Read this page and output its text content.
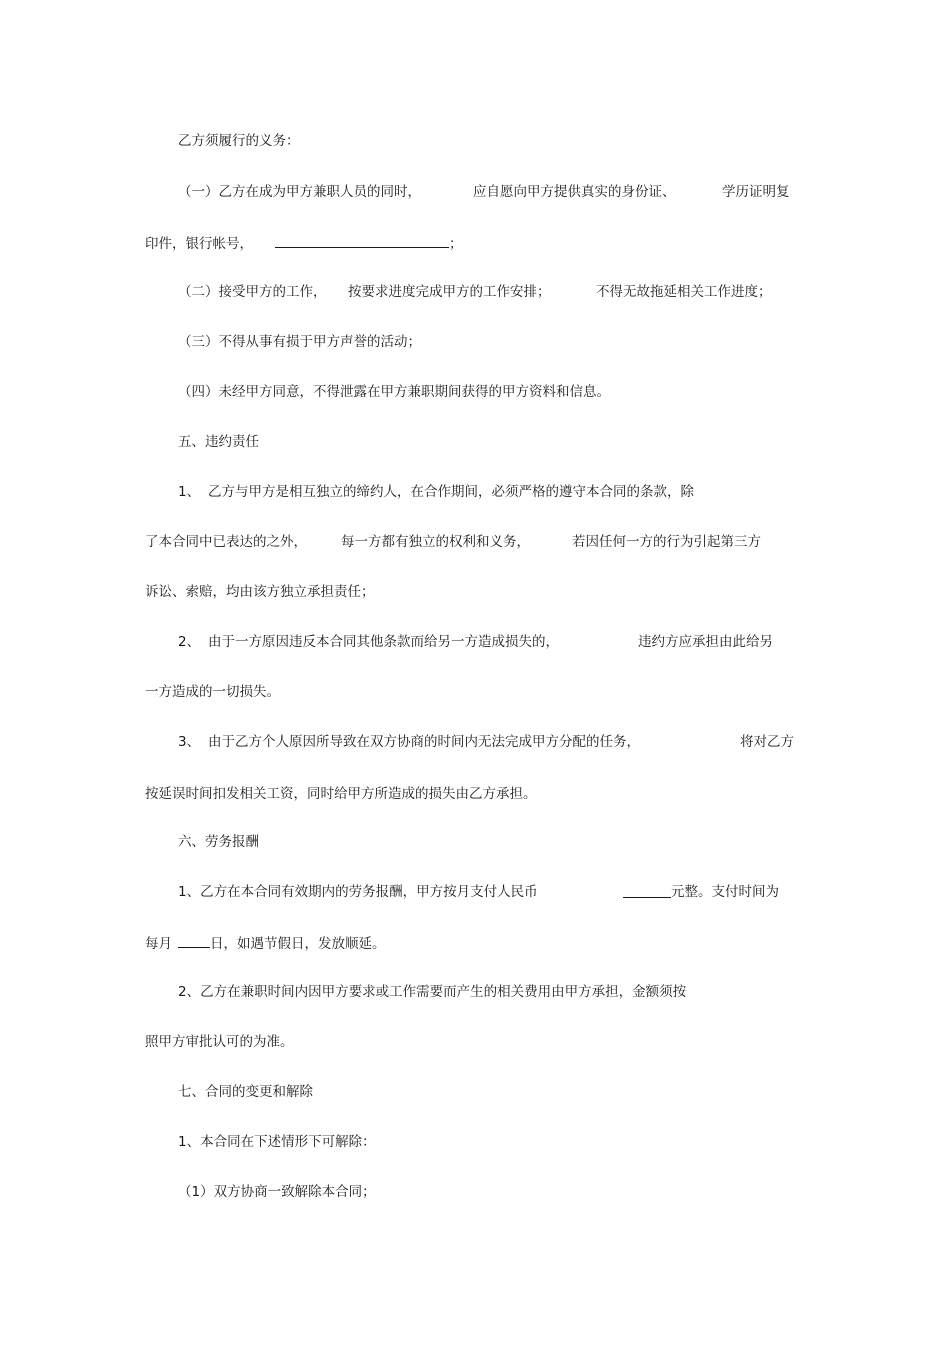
乙方须履行的义务：
（一）乙方在成为甲方兼职人员的同时，	应自愿向甲方提供真实的身份证、	学历证明复
印件，银行帐号，	；
（二）接受甲方的工作， 按要求进度完成甲方的工作安排；	不得无故拖延相关工作进度；
（三）不得从事有损于甲方声誉的活动；
（四）未经甲方同意，不得泄露在甲方兼职期间获得的甲方资料和信息。
五、违约责任
1、 乙方与甲方是相互独立的缔约人，在合作期间，必须严格的遵守本合同的条款，除
了本合同中已表达的之外，	每一方都有独立的权利和义务，	若因任何一方的行为引起第三方
诉讼、索赔，均由该方独立承担责任；
2、 由于一方原因违反本合同其他条款而给另一方造成损失的，	违约方应承担由此给另
一方造成的一切损失。
3、 由于乙方个人原因所导致在双方协商的时间内无法完成甲方分配的任务，	将对乙方
按延误时间扣发相关工资，同时给甲方所造成的损失由乙方承担。
六、劳务报酬
1、乙方在本合同有效期内的劳务报酬，甲方按月支付人民币	元整。支付时间为
每月	日，如遇节假日，发放顺延。
2、乙方在兼职时间内因甲方要求或工作需要而产生的相关费用由甲方承担，金额须按
照甲方审批认可的为准。
七、合同的变更和解除
1、本合同在下述情形下可解除：
（1）双方协商一致解除本合同；
